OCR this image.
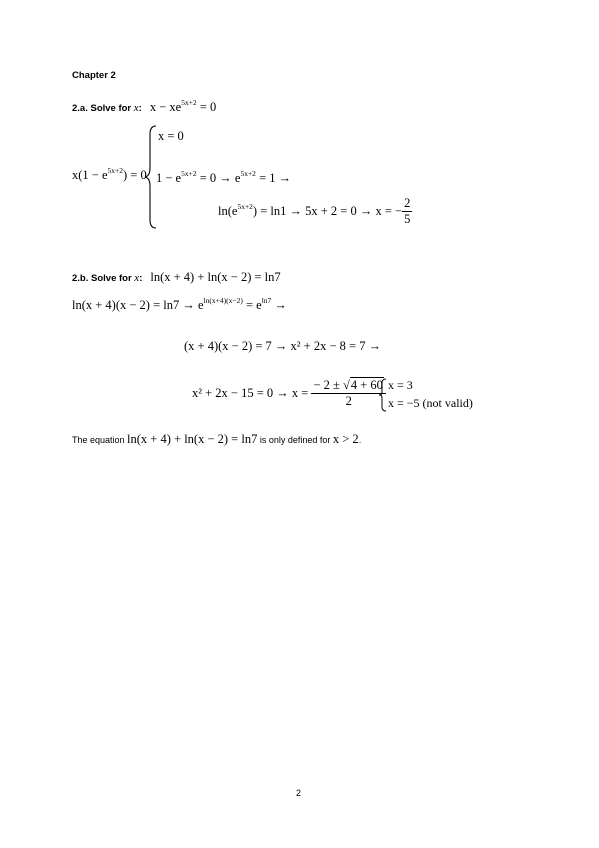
Chapter 2
2.a. Solve for x: $x - xe^{5x+2} = 0$
$x(1 - e^{5x+2}) = 0$
x = 0
$1 - e^{5x+2} = 0 \to e^{5x+2} = 1$ →
$\ln(e^{5x+2}) = \ln 1 \to 5x + 2 = 0 \to x$ = − $\frac{2}{5}$
2.b. Solve for x: ln(x + 4) + ln(x − 2) = ln7
$\ln(x + 4)(x - 2) = \ln 7 \to e^{ln(x+4)(x-2)} = e^{ln7}$ →
(x + 4)(x − 2) = 7 → x² + 2x − 8 = 7 →
$x^2 + 2x - 15 = 0 \to x = \frac{- 2 \pm √4 + 60}{2}$ x = 3
x = −5 (not valid)
The equation ln(x + 4) + ln(x − 2) = ln7 is only defined for x > 2.
2
